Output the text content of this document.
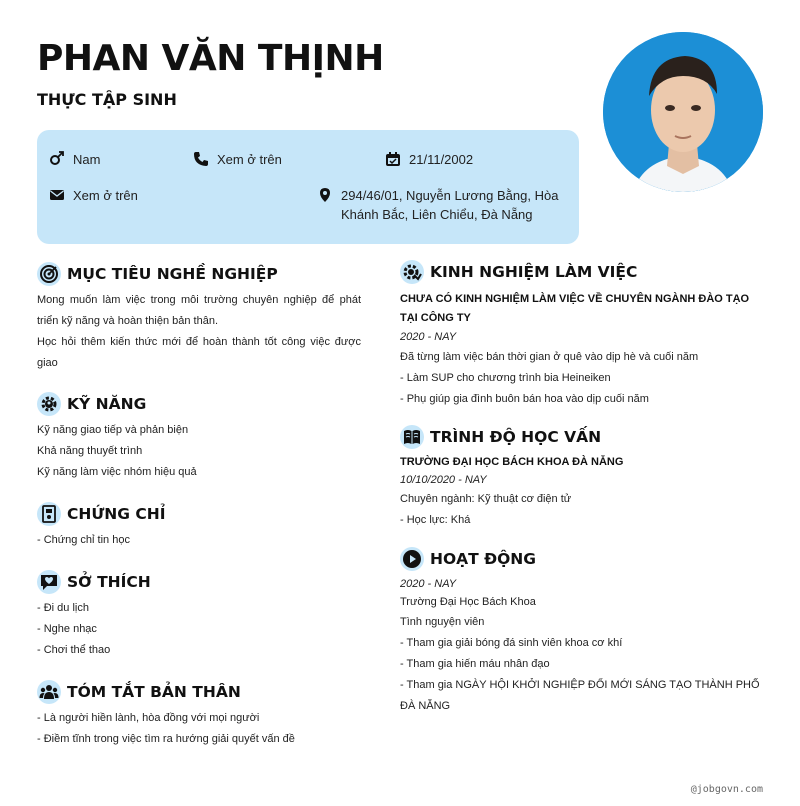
PHAN VĂN THỊNH
THỰC TẬP SINH
Nam	Xem ở trên	21/11/2002
Xem ở trên	294/46/01, Nguyễn Lương Bằng, Hòa
Khánh Bắc, Liên Chiểu, Đà Nẵng
MỤC TIÊU NGHỀ NGHIỆP
Mong muốn làm việc trong môi trường chuyên nghiệp để phát triển kỹ năng và hoàn thiện bản thân.
Học hỏi thêm kiến thức mới để hoàn thành tốt công việc được giao
KỸ NĂNG
Kỹ năng giao tiếp và phản biện
Khả năng thuyết trình
Kỹ năng làm việc nhóm hiệu quả
CHỨNG CHỈ
- Chứng chỉ tin học
SỞ THÍCH
- Đi du lịch
- Nghe nhạc
- Chơi thể thao
TÓM TẮT BẢN THÂN
- Là người hiền lành, hòa đồng với mọi người
- Điềm tĩnh trong việc tìm ra hướng giải quyết vấn đề
KINH NGHIỆM LÀM VIỆC
CHƯA CÓ KINH NGHIỆM LÀM VIỆC VỀ CHUYÊN NGÀNH ĐÀO TẠO TẠI CÔNG TY
2020 - NAY
Đã từng làm việc bán thời gian ở quê vào dịp hè và cuối năm
- Làm SUP cho chương trình bia Heineiken
- Phụ giúp gia đình buôn bán hoa vào dịp cuối năm
TRÌNH ĐỘ HỌC VẤN
TRƯỜNG ĐẠI HỌC BÁCH KHOA ĐÀ NẴNG
10/10/2020 - NAY
Chuyên ngành: Kỹ thuật cơ điện tử
- Học lực: Khá
HOẠT ĐỘNG
2020 - NAY
Trường Đại Học Bách Khoa
Tình nguyện viên
- Tham gia giải bóng đá sinh viên khoa cơ khí
- Tham gia hiến máu nhân đạo
- Tham gia NGÀY HỘI KHỞI NGHIỆP ĐỔI MỚI SÁNG TẠO THÀNH PHỐ ĐÀ NẴNG
@jobgovn.com
